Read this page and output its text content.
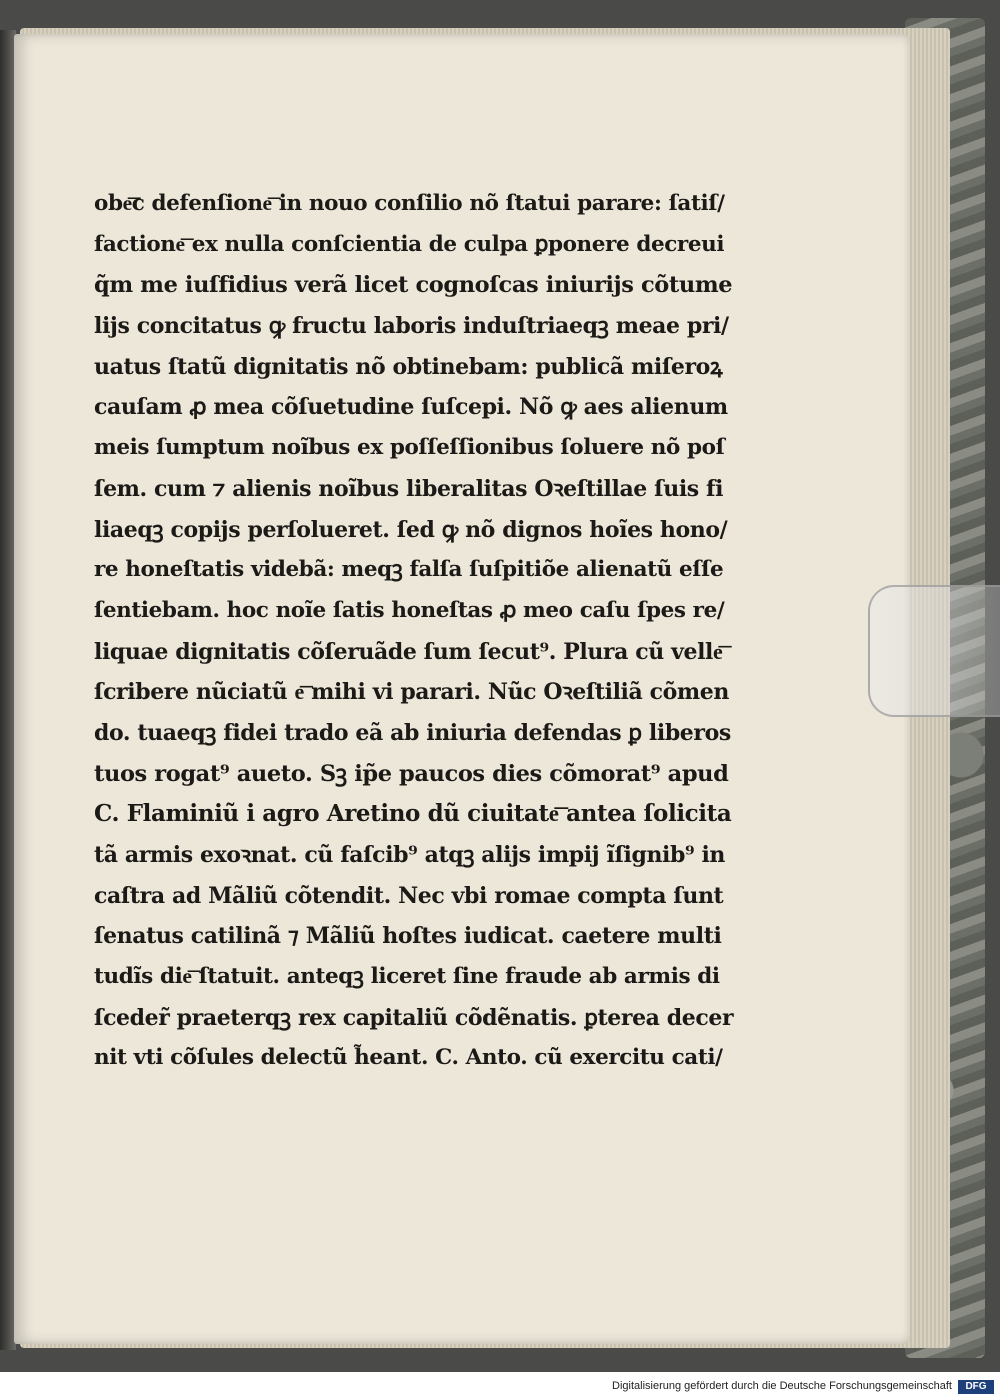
obe͞c defenſione͞ in nouo conſilio nõ ſtatui parare: ſatiſ/
factione͞ ex nulla conſcientia de culpa ꝑponere decreui
q̃m me iuſfidius verã licet cognoſcas iniurijs cõtume
lijs concitatus ꝙ fructu laboris induſtriaeqꝫ meae pri/
uatus ſtatũ dignitatis nõ obtinebam: publicã miſeroꝝ
cauſam ꝓ mea cõſuetudine ſuſcepi. Nõ ꝙ aes alienum
meis ſumptum noĩbus ex poſſeſſionibus ſoluere nõ poſ
ſem. cum ⁊ alienis noĩbus liberalitas Oꝛeſtillae ſuis fi
liaeqꝫ copijs perſolueret. ſed ꝙ nõ dignos hoĩes hono/
re honeſtatis videbã: meqꝫ falſa ſuſpitiõe alienatũ eſſe
ſentiebam. hoc noĩe ſatis honeſtas ꝓ meo caſu ſpes re/
liquae dignitatis cõſeruãde ſum ſecut⁹. Plura cũ velle͞
ſcribere nũciatũ e͞ mihi vi parari. Nũc Oꝛeſtiliã cõmen
do. tuaeqꝫ fidei trado eã ab iniuria defendas ꝑ liberos
tuos rogat⁹ aueto. Sꝫ ip̃e paucos dies cõmorat⁹ apud
C. Flaminiũ i agro Aretino dũ ciuitate͞ antea ſolicita
tã armis exoꝛnat. cũ faſcib⁹ atqꝫ alijs impij ĩſignib⁹ in
caſtra ad Mãliũ cõtendit. Nec vbi romae compta ſunt
ſenatus catilinã ⁊ Mãliũ hoſtes iudicat. caetere multi
tudĩs die͞ ſtatuit. anteqꝫ liceret ſine fraude ab armis di
ſceder̃ praeterqꝫ rex capitaliũ cõdẽnatis. ꝑterea decer
nit vti cõſules delectũ h̃eant. C. Anto. cũ exercitu cati/
Digitalisierung gefördert durch die Deutsche Forschungsgemeinschaft	DFG
